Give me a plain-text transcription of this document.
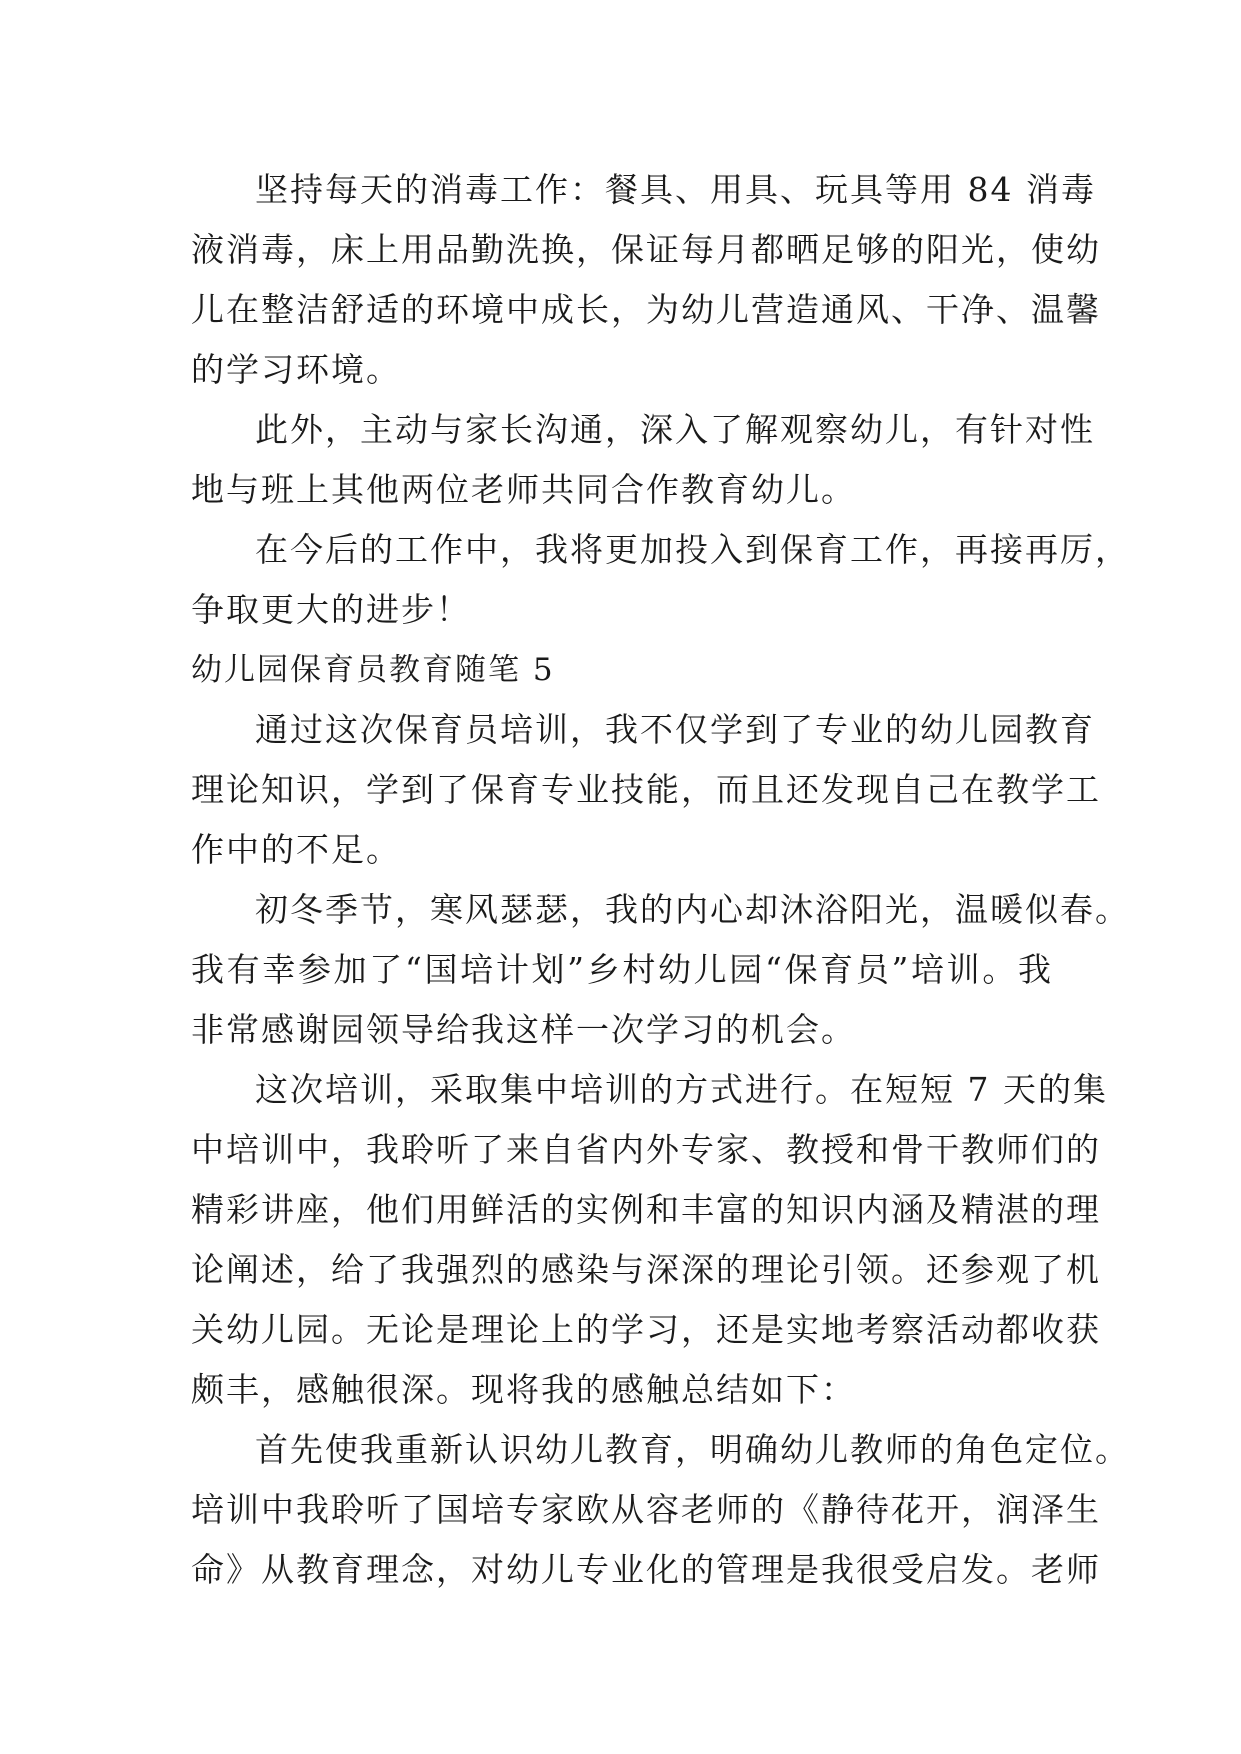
坚持每天的消毒工作：餐具、用具、玩具等用 84 消毒
液消毒，床上用品勤洗换，保证每月都晒足够的阳光，使幼
儿在整洁舒适的环境中成长，为幼儿营造通风、干净、温馨
的学习环境。
此外，主动与家长沟通，深入了解观察幼儿，有针对性
地与班上其他两位老师共同合作教育幼儿。
在今后的工作中，我将更加投入到保育工作，再接再厉，
争取更大的进步！
幼儿园保育员教育随笔 5
通过这次保育员培训，我不仅学到了专业的幼儿园教育
理论知识，学到了保育专业技能，而且还发现自己在教学工
作中的不足。
初冬季节，寒风瑟瑟，我的内心却沐浴阳光，温暖似春。
我有幸参加了“国培计划”乡村幼儿园“保育员”培训。我
非常感谢园领导给我这样一次学习的机会。
这次培训，采取集中培训的方式进行。在短短 7 天的集
中培训中，我聆听了来自省内外专家、教授和骨干教师们的
精彩讲座，他们用鲜活的实例和丰富的知识内涵及精湛的理
论阐述，给了我强烈的感染与深深的理论引领。还参观了机
关幼儿园。无论是理论上的学习，还是实地考察活动都收获
颇丰，感触很深。现将我的感触总结如下：
首先使我重新认识幼儿教育，明确幼儿教师的角色定位。
培训中我聆听了国培专家欧从容老师的《静待花开，润泽生
命》从教育理念，对幼儿专业化的管理是我很受启发。老师
